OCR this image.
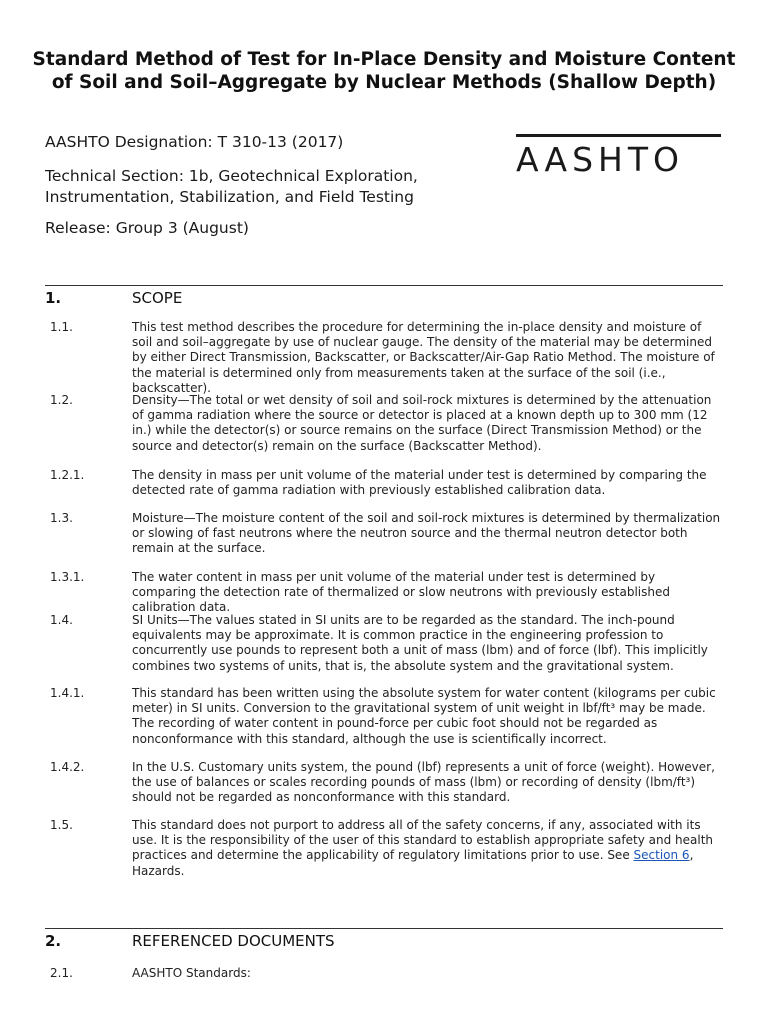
Standard Method of Test for In-Place Density and Moisture Content of Soil and Soil–Aggregate by Nuclear Methods (Shallow Depth)
AASHTO Designation: T 310-13 (2017)
Technical Section: 1b, Geotechnical Exploration, Instrumentation, Stabilization, and Field Testing
Release: Group 3 (August)
AASHTO
1.	SCOPE
1.1.	This test method describes the procedure for determining the in-place density and moisture of soil and soil–aggregate by use of nuclear gauge. The density of the material may be determined by either Direct Transmission, Backscatter, or Backscatter/Air-Gap Ratio Method. The moisture of the material is determined only from measurements taken at the surface of the soil (i.e., backscatter).
1.2.	Density—The total or wet density of soil and soil-rock mixtures is determined by the attenuation of gamma radiation where the source or detector is placed at a known depth up to 300 mm (12 in.) while the detector(s) or source remains on the surface (Direct Transmission Method) or the source and detector(s) remain on the surface (Backscatter Method).
1.2.1.	The density in mass per unit volume of the material under test is determined by comparing the detected rate of gamma radiation with previously established calibration data.
1.3.	Moisture—The moisture content of the soil and soil-rock mixtures is determined by thermalization or slowing of fast neutrons where the neutron source and the thermal neutron detector both remain at the surface.
1.3.1.	The water content in mass per unit volume of the material under test is determined by comparing the detection rate of thermalized or slow neutrons with previously established calibration data.
1.4.	SI Units—The values stated in SI units are to be regarded as the standard. The inch-pound equivalents may be approximate. It is common practice in the engineering profession to concurrently use pounds to represent both a unit of mass (lbm) and of force (lbf). This implicitly combines two systems of units, that is, the absolute system and the gravitational system.
1.4.1.	This standard has been written using the absolute system for water content (kilograms per cubic meter) in SI units. Conversion to the gravitational system of unit weight in lbf/ft³ may be made. The recording of water content in pound-force per cubic foot should not be regarded as nonconformance with this standard, although the use is scientifically incorrect.
1.4.2.	In the U.S. Customary units system, the pound (lbf) represents a unit of force (weight). However, the use of balances or scales recording pounds of mass (lbm) or recording of density (lbm/ft³) should not be regarded as nonconformance with this standard.
1.5.	This standard does not purport to address all of the safety concerns, if any, associated with its use. It is the responsibility of the user of this standard to establish appropriate safety and health practices and determine the applicability of regulatory limitations prior to use. See Section 6, Hazards.
2.	REFERENCED DOCUMENTS
2.1.	AASHTO Standards:
